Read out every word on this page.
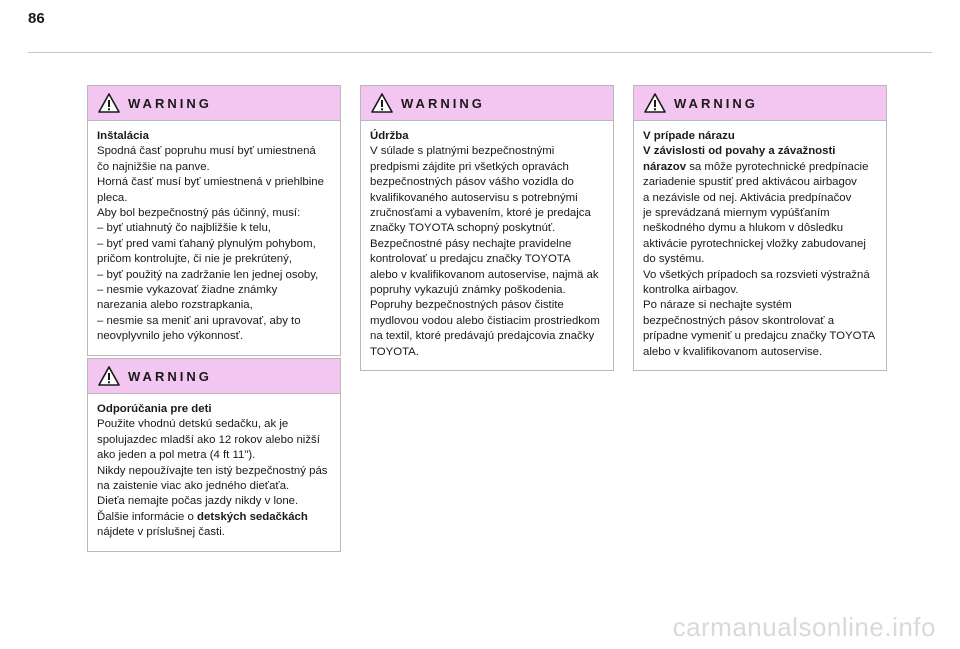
86
WARNING

Inštalácia

Spodná časť popruhu musí byť umiestnená

čo najnižšie na panve.

Horná časť musí byť umiestnená v priehlbine

pleca.

Aby bol bezpečnostný pás účinný, musí:

– byť utiahnutý čo najbližšie k telu,

– byť pred vami ťahaný plynulým pohybom,

pričom kontrolujte, či nie je prekrútený,

– byť použitý na zadržanie len jednej osoby,

– nesmie vykazovať žiadne známky

narezania alebo rozstrapkania,

– nesmie sa meniť ani upravovať, aby to

neovplyvnilo jeho výkonnosť.

WARNING

Odporúčania pre deti

Použite vhodnú detskú sedačku, ak je

spolujazdec mladší ako 12 rokov alebo nižší

ako jeden a pol metra (4 ft 11").

Nikdy nepoužívajte ten istý bezpečnostný pás

na zaistenie viac ako jedného dieťaťa.

Dieťa nemajte počas jazdy nikdy v lone.

Ďalšie informácie o detských sedačkách

nájdete v príslušnej časti.

WARNING

Údržba

V súlade s platnými bezpečnostnými

predpismi zájdite pri všetkých opravách

bezpečnostných pásov vášho vozidla do

kvalifikovaného autoservisu s potrebnými

zručnosťami a vybavením, ktoré je predajca

značky TOYOTA schopný poskytnúť.

Bezpečnostné pásy nechajte pravidelne

kontrolovať u predajcu značky TOYOTA

alebo v kvalifikovanom autoservise, najmä ak

popruhy vykazujú známky poškodenia.

Popruhy bezpečnostných pásov čistite

mydlovou vodou alebo čistiacim prostriedkom

na textil, ktoré predávajú predajcovia značky

TOYOTA.

WARNING

V prípade nárazu

V závislosti od povahy a závažnosti

nárazov sa môže pyrotechnické predpínacie

zariadenie spustiť pred aktivácou airbagov

a nezávisle od nej. Aktivácia predpínačov

je sprevádzaná miernym vypúšťaním

neškodného dymu a hlukom v dôsledku

aktivácie pyrotechnickej vložky zabudovanej

do systému.

Vo všetkých prípadoch sa rozsvieti výstražná

kontrolka airbagov.

Po náraze si nechajte systém

bezpečnostných pásov skontrolovať a

prípadne vymeniť u predajcu značky TOYOTA

alebo v kvalifikovanom autoservise.

carmanualsonline.info
